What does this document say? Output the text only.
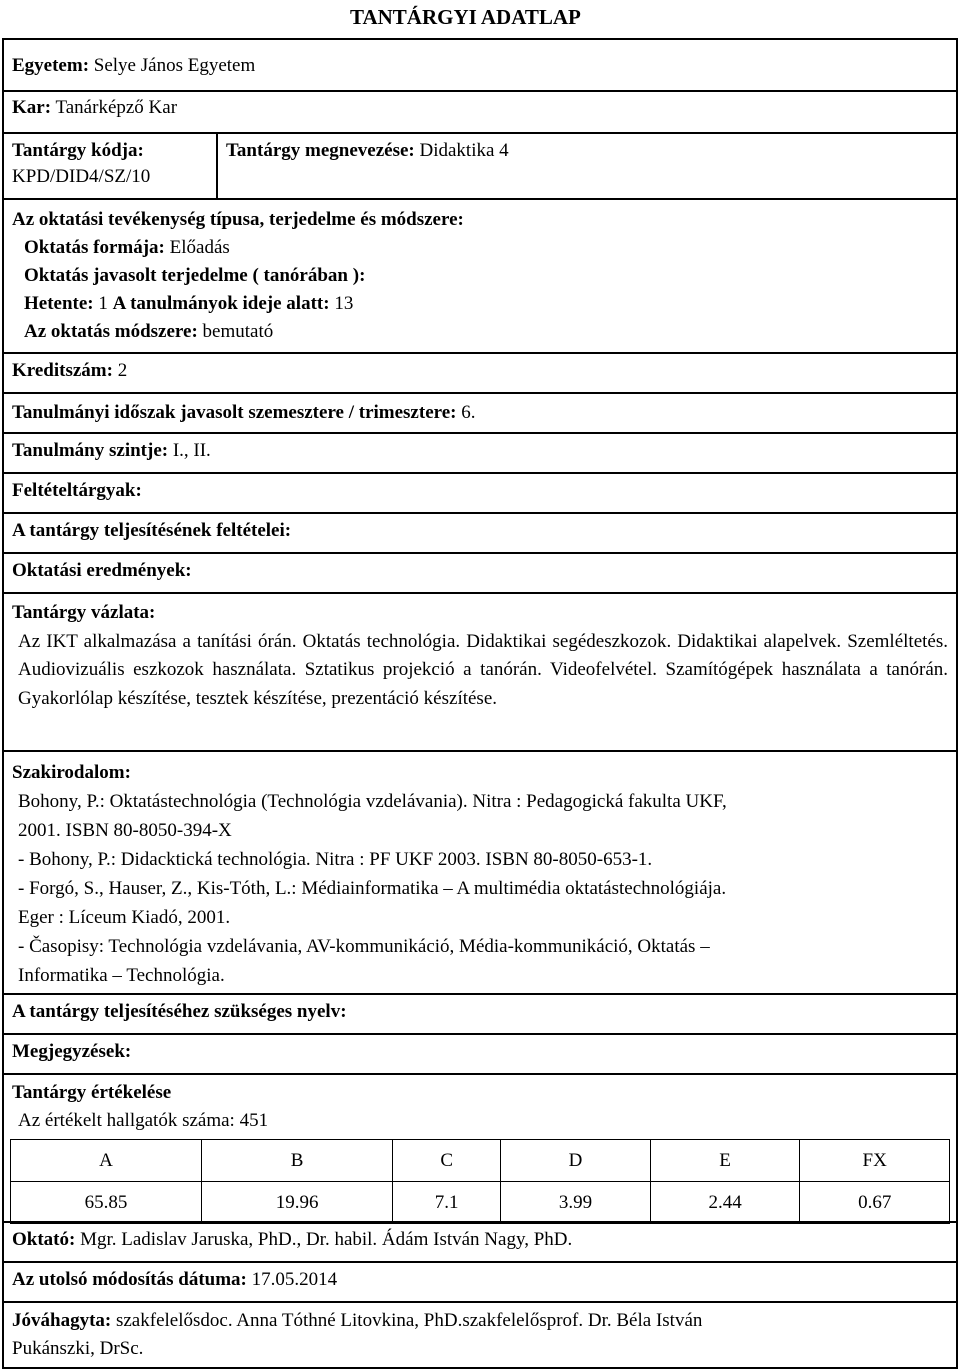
TANTÁRGYI ADATLAP
Egyetem: Selye János Egyetem
Kar: Tanárképző Kar
Tantárgy kódja:
KPD/DID4/SZ/10
Tantárgy megnevezése: Didaktika 4
Az oktatási tevékenység típusa, terjedelme és módszere:
Oktatás formája: Előadás
Oktatás javasolt terjedelme ( tanórában ):
Hetente: 1 A tanulmányok ideje alatt: 13
Az oktatás módszere: bemutató
Kreditszám: 2
Tanulmányi időszak javasolt szemesztere / trimesztere: 6.
Tanulmány szintje: I., II.
Feltételtárgyak:
A tantárgy teljesítésének feltételei:
Oktatási eredmények:
Tantárgy vázlata:
Az IKT alkalmazása a tanítási órán. Oktatás technológia. Didaktikai segédeszkozok. Didaktikai alapelvek. Szemléltetés. Audiovizuális eszkozok használata. Sztatikus projekció a tanórán. Videofelvétel. Szamítógépek használata a tanórán. Gyakorlólap készítése, tesztek készítése, prezentáció készítése.
Szakirodalom:
Bohony, P.: Oktatástechnológia (Technológia vzdelávania). Nitra : Pedagogická fakulta UKF,
2001. ISBN 80-8050-394-X
- Bohony, P.: Didacktická technológia. Nitra : PF UKF 2003. ISBN 80-8050-653-1.
- Forgó, S., Hauser, Z., Kis-Tóth, L.: Médiainformatika – A multimédia oktatástechnológiája.
Eger : Líceum Kiadó, 2001.
- Časopisy: Technológia vzdelávania, AV-kommunikáció, Média-kommunikáció, Oktatás –
Informatika – Technológia.
A tantárgy teljesítéséhez szükséges nyelv:
Megjegyzések:
Tantárgy értékelése
Az értékelt hallgatók száma: 451
A	B	C	D	E	FX
65.85	19.96	7.1	3.99	2.44	0.67
Oktató: Mgr. Ladislav Jaruska, PhD., Dr. habil. Ádám István Nagy, PhD.
Az utolsó módosítás dátuma: 17.05.2014
Jóváhagyta: szakfelelősdoc. Anna Tóthné Litovkina, PhD.szakfelelősprof. Dr. Béla István
Pukánszki, DrSc.
